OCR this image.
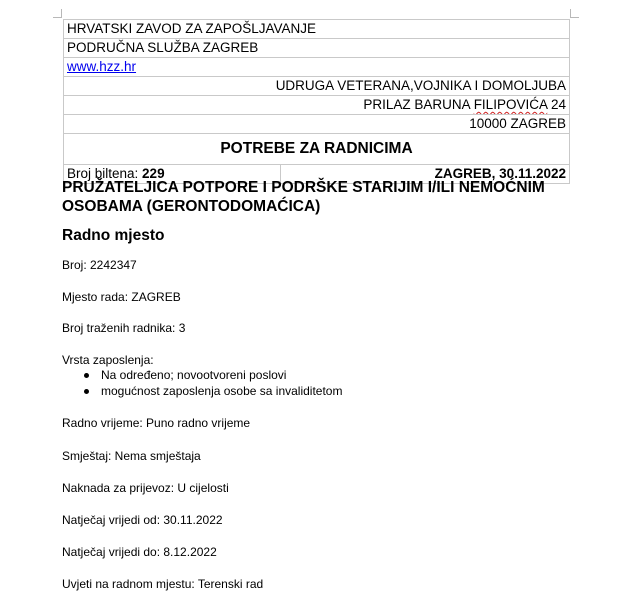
HRVATSKI ZAVOD ZA ZAPOŠLJAVANJE
PODRUČNA SLUŽBA ZAGREB
www.hzz.hr
UDRUGA VETERANA,VOJNIKA I DOMOLJUBA
PRILAZ BARUNA FILIPOVIĆA 24
10000 ZAGREB
POTREBE ZA RADNICIMA
Broj biltena: 229	ZAGREB, 30.11.2022
PRUŽATELJICA POTPORE I PODRŠKE STARIJIM I/ILI NEMOĆNIM OSOBAMA (GERONTODOMAĆICA)
Radno mjesto

Broj: 2242347

Mjesto rada: ZAGREB

Broj traženih radnika: 3

Vrsta zaposlenja:

Na određeno; novootvoreni poslovi
mogućnost zaposlenja osobe sa invaliditetom

Radno vrijeme: Puno radno vrijeme

Smještaj: Nema smještaja

Naknada za prijevoz: U cijelosti

Natječaj vrijedi od: 30.11.2022

Natječaj vrijedi do: 8.12.2022

Uvjeti na radnom mjestu: Terenski rad
